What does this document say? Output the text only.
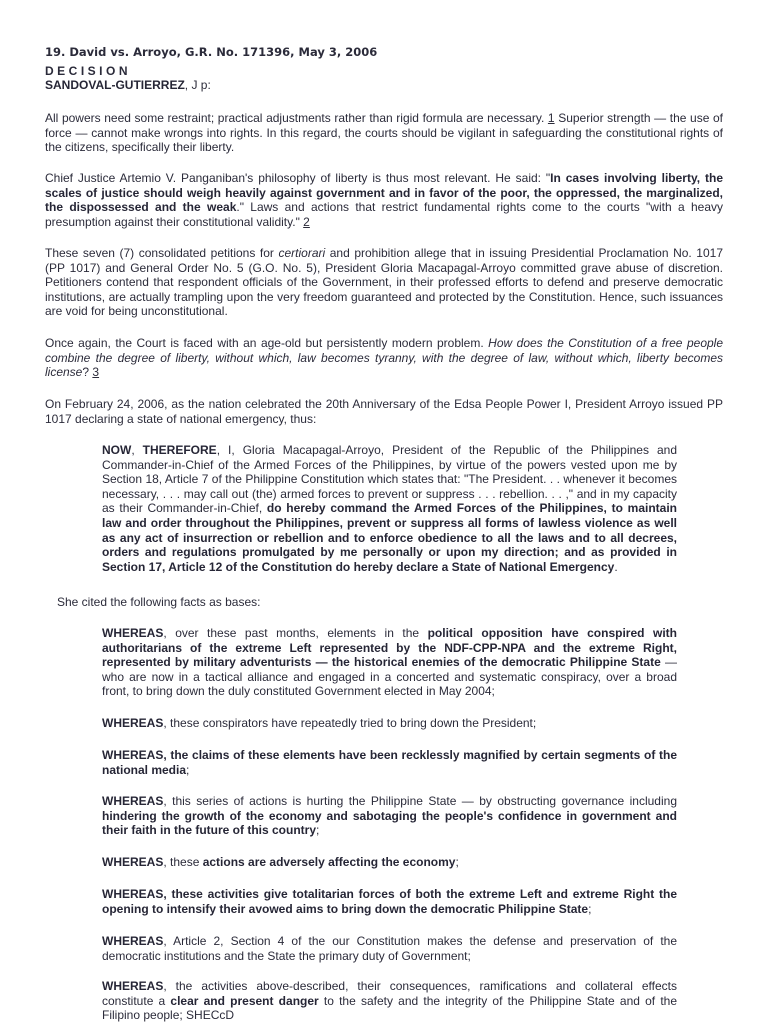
19. David vs. Arroyo, G.R. No. 171396, May 3, 2006
DECISION
SANDOVAL-GUTIERREZ, J p:

All powers need some restraint; practical adjustments rather than rigid formula are necessary. 1 Superior strength — the use of force — cannot make wrongs into rights. In this regard, the courts should be vigilant in safeguarding the constitutional rights of the citizens, specifically their liberty.

Chief Justice Artemio V. Panganiban's philosophy of liberty is thus most relevant. He said: "In cases involving liberty, the scales of justice should weigh heavily against government and in favor of the poor, the oppressed, the marginalized, the dispossessed and the weak." Laws and actions that restrict fundamental rights come to the courts "with a heavy presumption against their constitutional validity." 2

These seven (7) consolidated petitions for certiorari and prohibition allege that in issuing Presidential Proclamation No. 1017 (PP 1017) and General Order No. 5 (G.O. No. 5), President Gloria Macapagal-Arroyo committed grave abuse of discretion. Petitioners contend that respondent officials of the Government, in their professed efforts to defend and preserve democratic institutions, are actually trampling upon the very freedom guaranteed and protected by the Constitution. Hence, such issuances are void for being unconstitutional.

Once again, the Court is faced with an age-old but persistently modern problem. How does the Constitution of a free people combine the degree of liberty, without which, law becomes tyranny, with the degree of law, without which, liberty becomes license? 3

On February 24, 2006, as the nation celebrated the 20th Anniversary of the Edsa People Power I, President Arroyo issued PP 1017 declaring a state of national emergency, thus:

NOW, THEREFORE, I, Gloria Macapagal-Arroyo, President of the Republic of the Philippines and Commander-in-Chief of the Armed Forces of the Philippines, by virtue of the powers vested upon me by Section 18, Article 7 of the Philippine Constitution which states that: "The President. . . whenever it becomes necessary, . . . may call out (the) armed forces to prevent or suppress . . . rebellion. . . ," and in my capacity as their Commander-in-Chief, do hereby command the Armed Forces of the Philippines, to maintain law and order throughout the Philippines, prevent or suppress all forms of lawless violence as well as any act of insurrection or rebellion and to enforce obedience to all the laws and to all decrees, orders and regulations promulgated by me personally or upon my direction; and as provided in Section 17, Article 12 of the Constitution do hereby declare a State of National Emergency.

She cited the following facts as bases:

WHEREAS, over these past months, elements in the political opposition have conspired with authoritarians of the extreme Left represented by the NDF-CPP-NPA and the extreme Right, represented by military adventurists — the historical enemies of the democratic Philippine State — who are now in a tactical alliance and engaged in a concerted and systematic conspiracy, over a broad front, to bring down the duly constituted Government elected in May 2004;

WHEREAS, these conspirators have repeatedly tried to bring down the President;

WHEREAS, the claims of these elements have been recklessly magnified by certain segments of the national media;

WHEREAS, this series of actions is hurting the Philippine State — by obstructing governance including hindering the growth of the economy and sabotaging the people's confidence in government and their faith in the future of this country;

WHEREAS, these actions are adversely affecting the economy;

WHEREAS, these activities give totalitarian forces of both the extreme Left and extreme Right the opening to intensify their avowed aims to bring down the democratic Philippine State;

WHEREAS, Article 2, Section 4 of the our Constitution makes the defense and preservation of the democratic institutions and the State the primary duty of Government;

WHEREAS, the activities above-described, their consequences, ramifications and collateral effects constitute a clear and present danger to the safety and the integrity of the Philippine State and of the Filipino people; SHECcD
